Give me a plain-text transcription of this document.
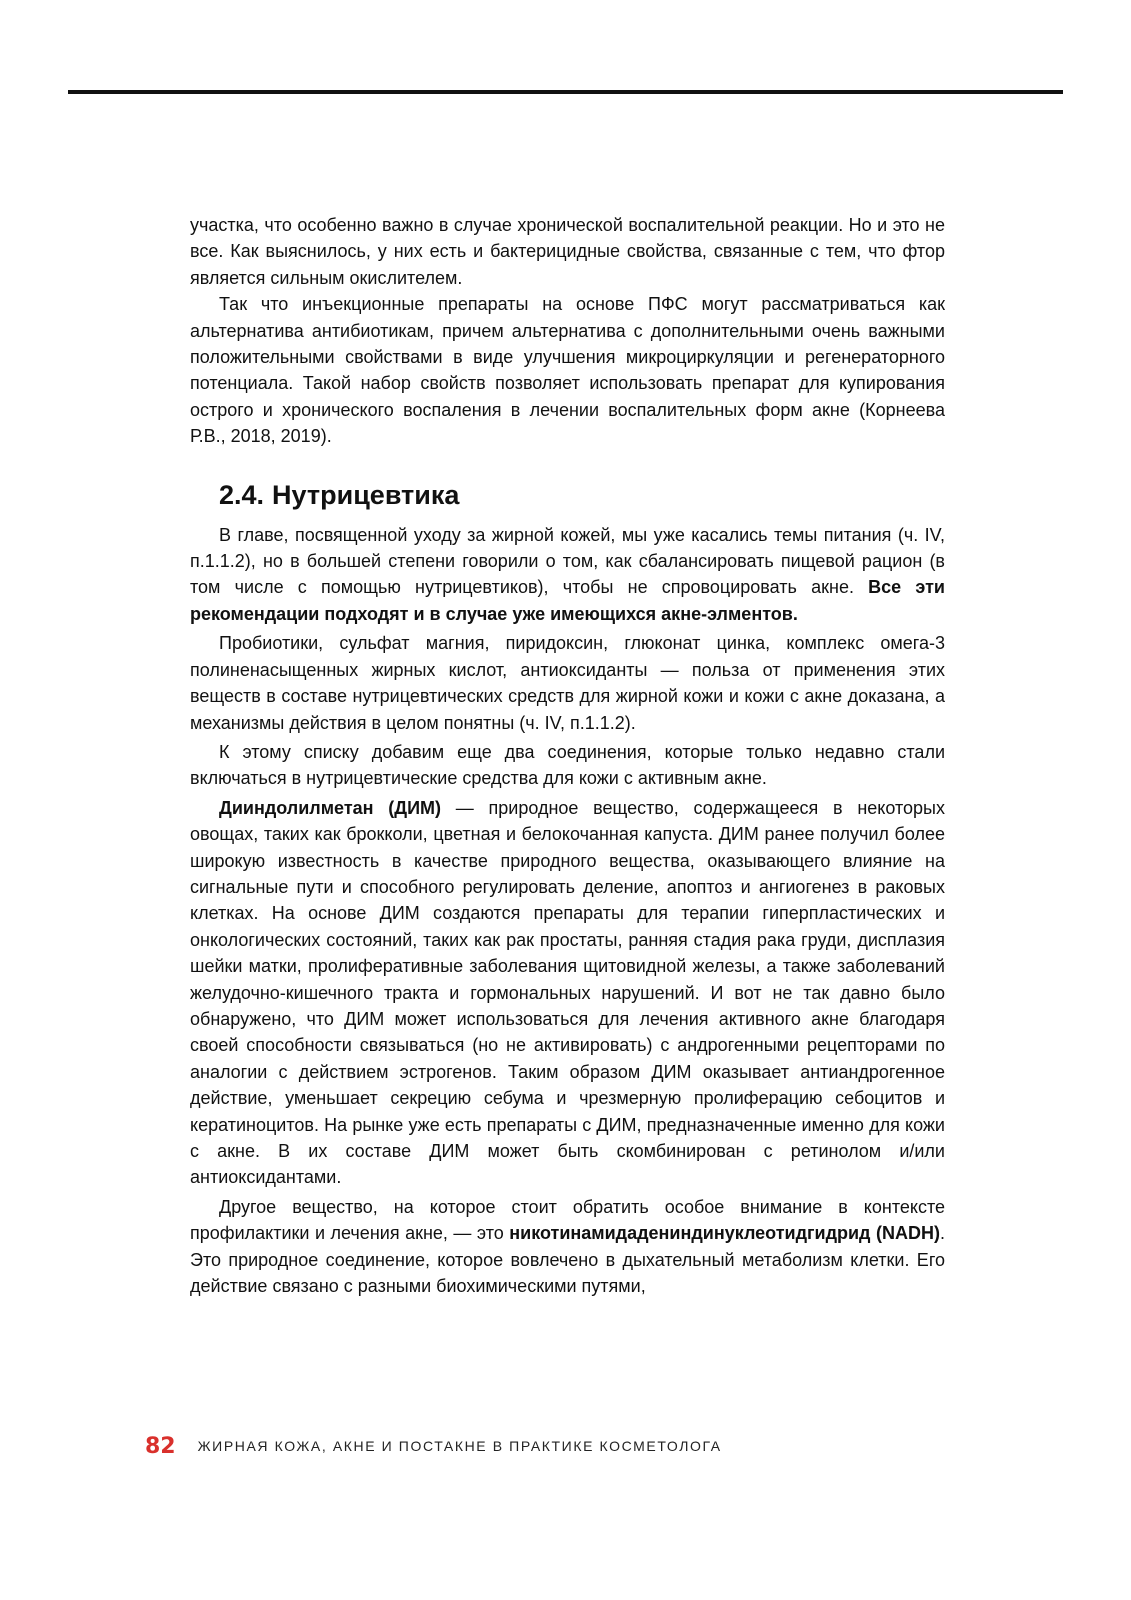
участка, что особенно важно в случае хронической воспалительной реакции. Но и это не все. Как выяснилось, у них есть и бактерицидные свойства, связанные с тем, что фтор является сильным окислителем.

Так что инъекционные препараты на основе ПФС могут рассматриваться как альтернатива антибиотикам, причем альтернатива с дополнительными очень важными положительными свойствами в виде улучшения микроциркуляции и регенераторного потенциала. Такой набор свойств позволяет использовать препарат для купирования острого и хронического воспаления в лечении воспалительных форм акне (Корнеева Р.В., 2018, 2019).

2.4. Нутрицевтика

В главе, посвященной уходу за жирной кожей, мы уже касались темы питания (ч. IV, п.1.1.2), но в большей степени говорили о том, как сбалансировать пищевой рацион (в том числе с помощью нутрицевтиков), чтобы не спровоцировать акне. Все эти рекомендации подходят и в случае уже имеющихся акне-элментов.

Пробиотики, сульфат магния, пиридоксин, глюконат цинка, комплекс омега-3 полиненасыщенных жирных кислот, антиоксиданты — польза от применения этих веществ в составе нутрицевтических средств для жирной кожи и кожи с акне доказана, а механизмы действия в целом понятны (ч. IV, п.1.1.2).

К этому списку добавим еще два соединения, которые только недавно стали включаться в нутрицевтические средства для кожи с активным акне.

Дииндолилметан (ДИМ) — природное вещество, содержащееся в некоторых овощах, таких как брокколи, цветная и белокочанная капуста. ДИМ ранее получил более широкую известность в качестве природного вещества, оказывающего влияние на сигнальные пути и способного регулировать деление, апоптоз и ангиогенез в раковых клетках. На основе ДИМ создаются препараты для терапии гиперпластических и онкологических состояний, таких как рак простаты, ранняя стадия рака груди, дисплазия шейки матки, пролиферативные заболевания щитовидной железы, а также заболеваний желудочно-кишечного тракта и гормональных нарушений. И вот не так давно было обнаружено, что ДИМ может использоваться для лечения активного акне благодаря своей способности связываться (но не активировать) с андрогенными рецепторами по аналогии с действием эстрогенов. Таким образом ДИМ оказывает антиандрогенное действие, уменьшает секрецию себума и чрезмерную пролиферацию себоцитов и кератиноцитов. На рынке уже есть препараты с ДИМ, предназначенные именно для кожи с акне. В их составе ДИМ может быть скомбинирован с ретинолом и/или антиоксидантами.

Другое вещество, на которое стоит обратить особое внимание в контексте профилактики и лечения акне, — это никотинамидадениндинуклеотидгидрид (NADH). Это природное соединение, которое вовлечено в дыхательный метаболизм клетки. Его действие связано с разными биохимическими путями,

82 ЖИРНАЯ КОЖА, АКНЕ И ПОСТАКНЕ В ПРАКТИКЕ КОСМЕТОЛОГА
